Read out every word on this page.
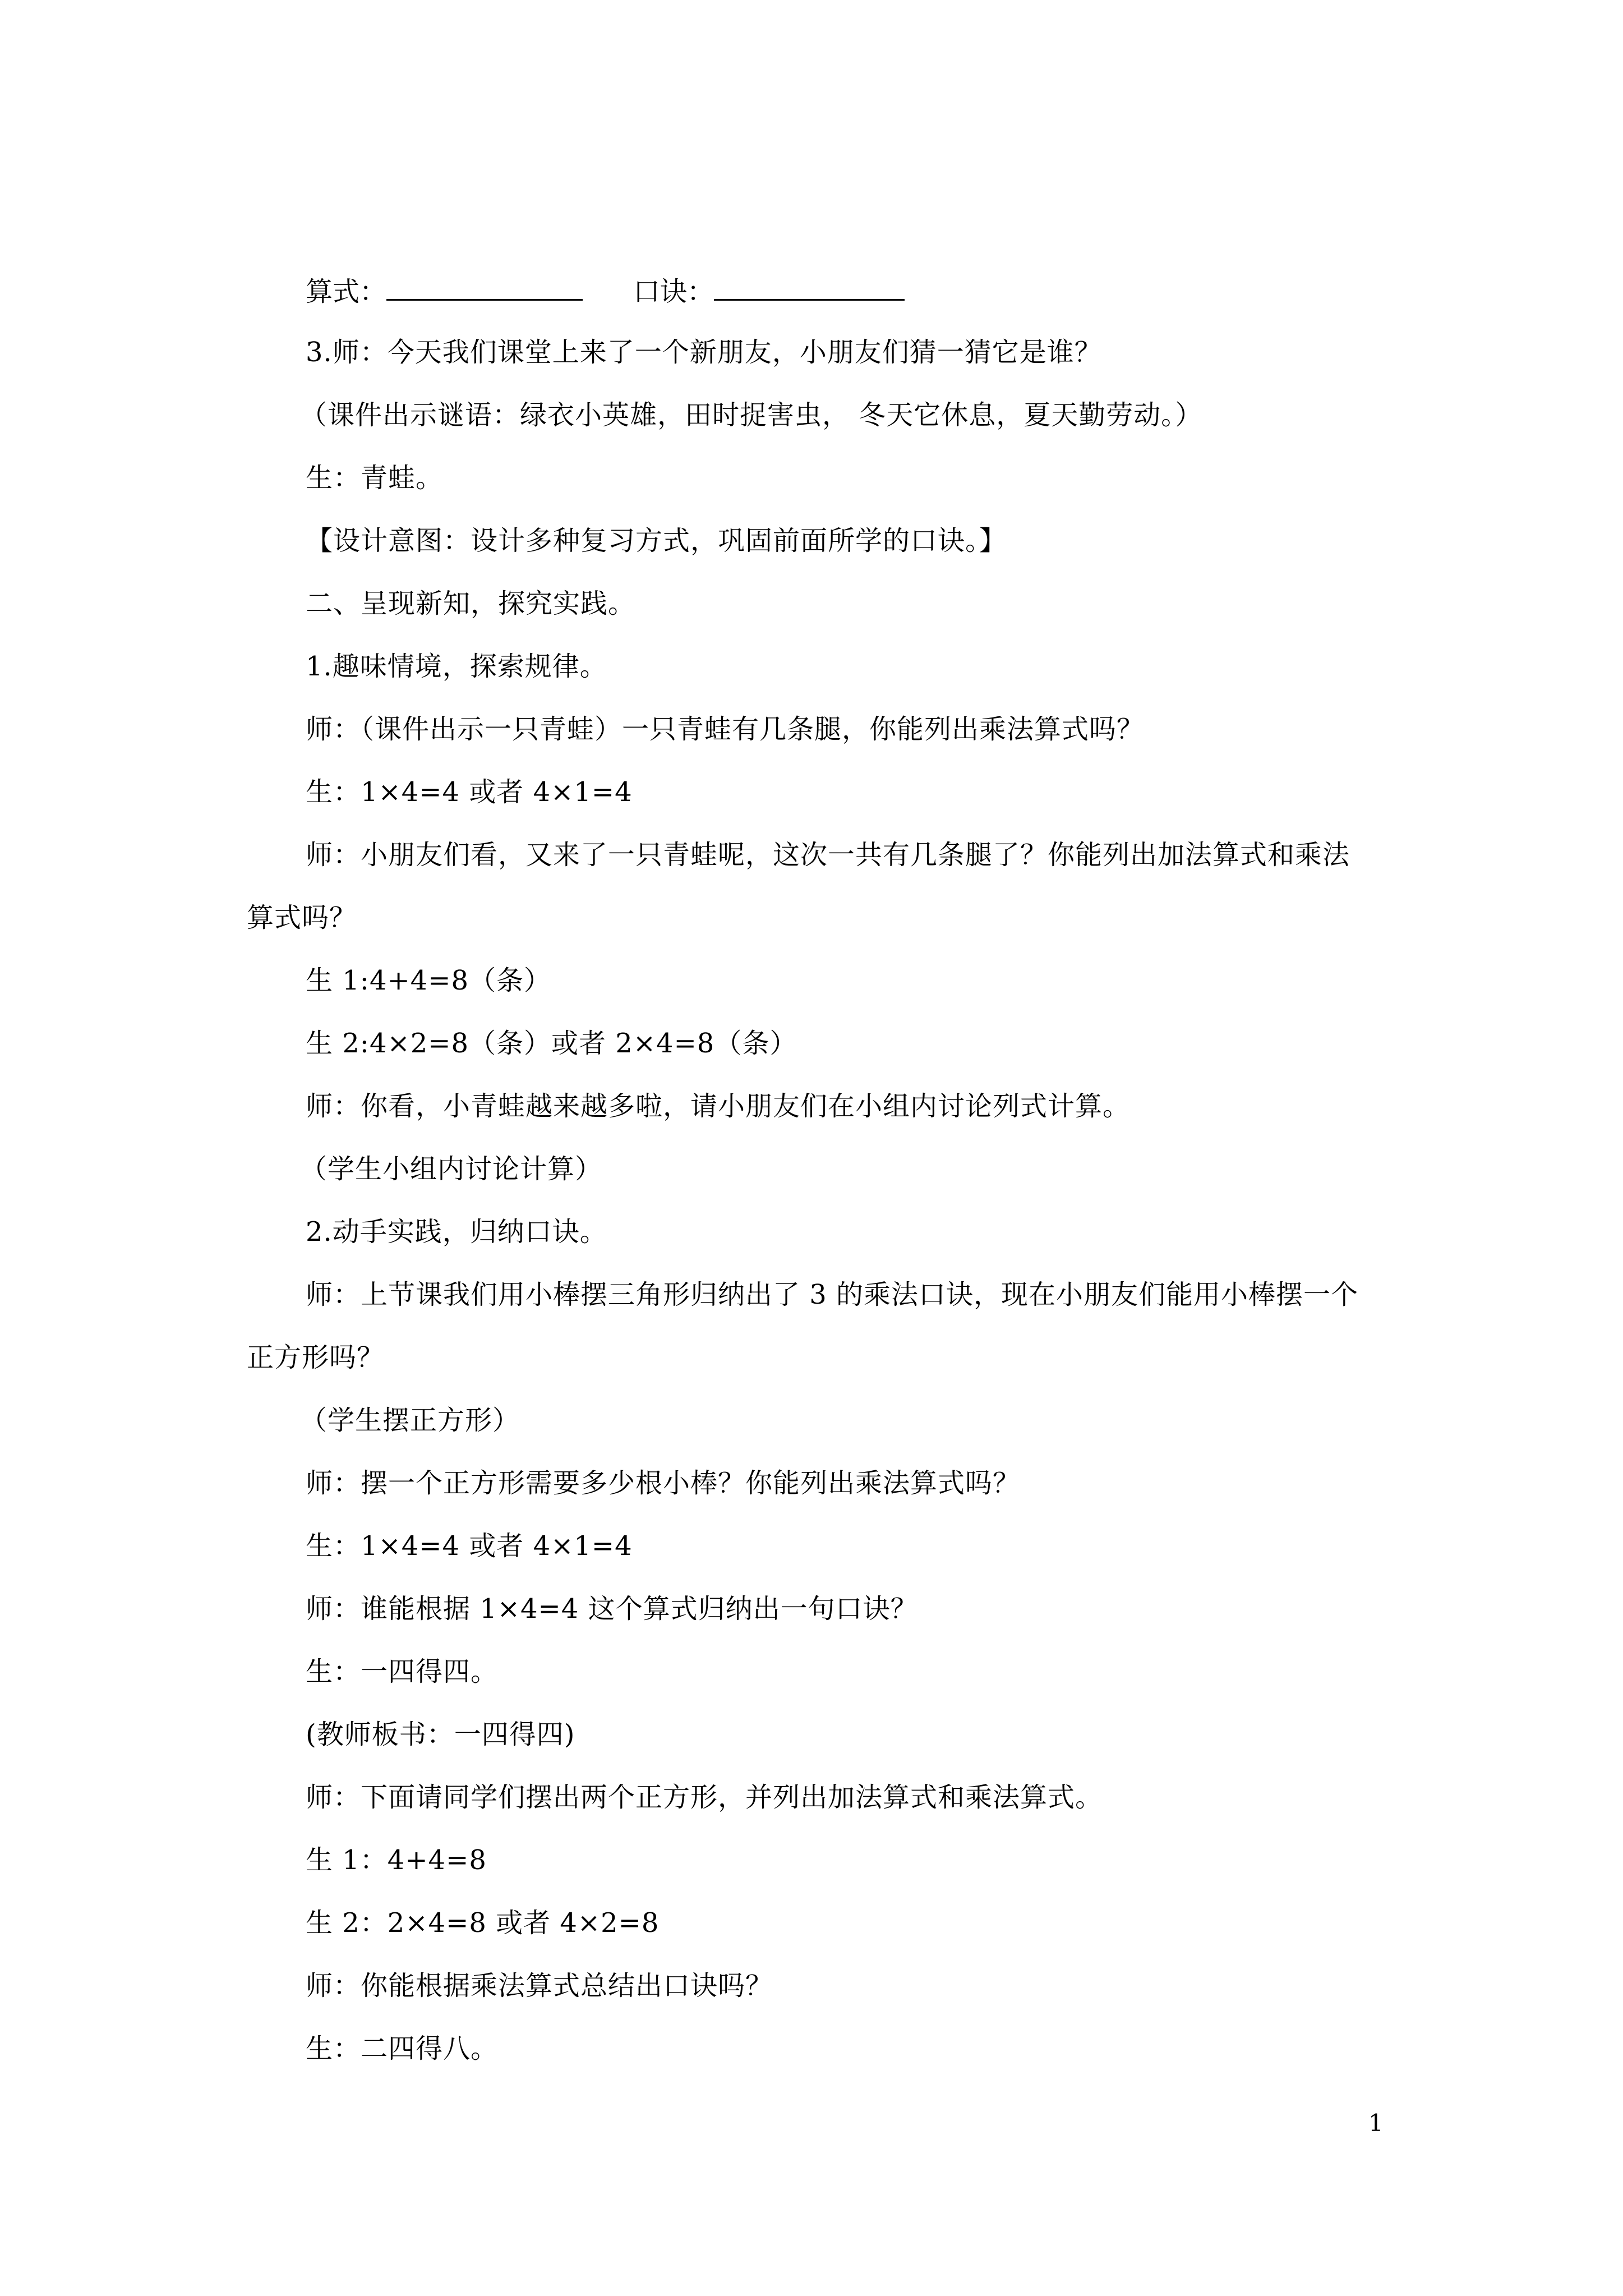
算式：	口诀：
3.师：今天我们课堂上来了一个新朋友，小朋友们猜一猜它是谁？
（课件出示谜语：绿衣小英雄，田时捉害虫， 冬天它休息，夏天勤劳动。）
生：青蛙。
【设计意图：设计多种复习方式，巩固前面所学的口诀。】
二、呈现新知，探究实践。
1.趣味情境，探索规律。
师：（课件出示一只青蛙）一只青蛙有几条腿，你能列出乘法算式吗？
生：1×4=4 或者 4×1=4
师：小朋友们看，又来了一只青蛙呢，这次一共有几条腿了？你能列出加法算式和乘法
算式吗？
生 1:4+4=8（条）
生 2:4×2=8（条）或者 2×4=8（条）
师：你看，小青蛙越来越多啦，请小朋友们在小组内讨论列式计算。
（学生小组内讨论计算）
2.动手实践，归纳口诀。
师：上节课我们用小棒摆三角形归纳出了 3 的乘法口诀，现在小朋友们能用小棒摆一个
正方形吗？
（学生摆正方形）
师：摆一个正方形需要多少根小棒？你能列出乘法算式吗？
生：1×4=4 或者 4×1=4
师：谁能根据 1×4=4 这个算式归纳出一句口诀？
生：一四得四。
(教师板书：一四得四)
师：下面请同学们摆出两个正方形，并列出加法算式和乘法算式。
生 1：4+4=8
生 2：2×4=8 或者 4×2=8
师：你能根据乘法算式总结出口诀吗？
生：二四得八。
1
